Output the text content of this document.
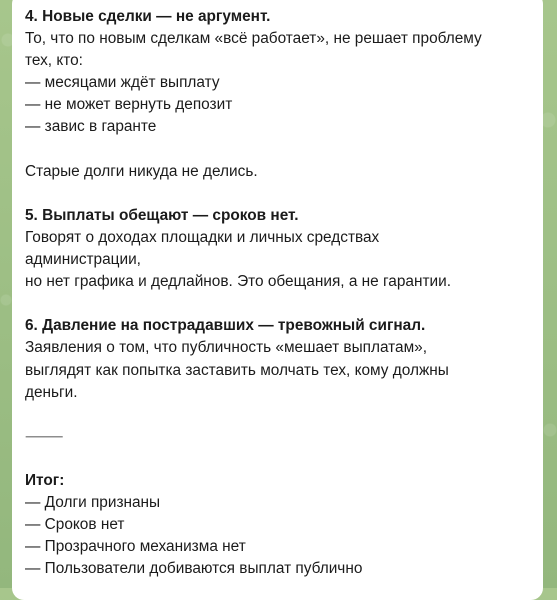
4. Новые сделки — не аргумент.
То, что по новым сделкам «всё работает», не решает проблему
тех, кто:
— месяцами ждёт выплату
— не может вернуть депозит
— завис в гаранте
Старые долги никуда не делись.
5. Выплаты обещают — сроков нет.
Говорят о доходах площадки и личных средствах
администрации,
но нет графика и дедлайнов. Это обещания, а не гарантии.
6. Давление на пострадавших — тревожный сигнал.
Заявления о том, что публичность «мешает выплатам»,
выглядят как попытка заставить молчать тех, кому должны
деньги.
⸻
Итог:
— Долги признаны
— Сроков нет
— Прозрачного механизма нет
— Пользователи добиваются выплат публично
